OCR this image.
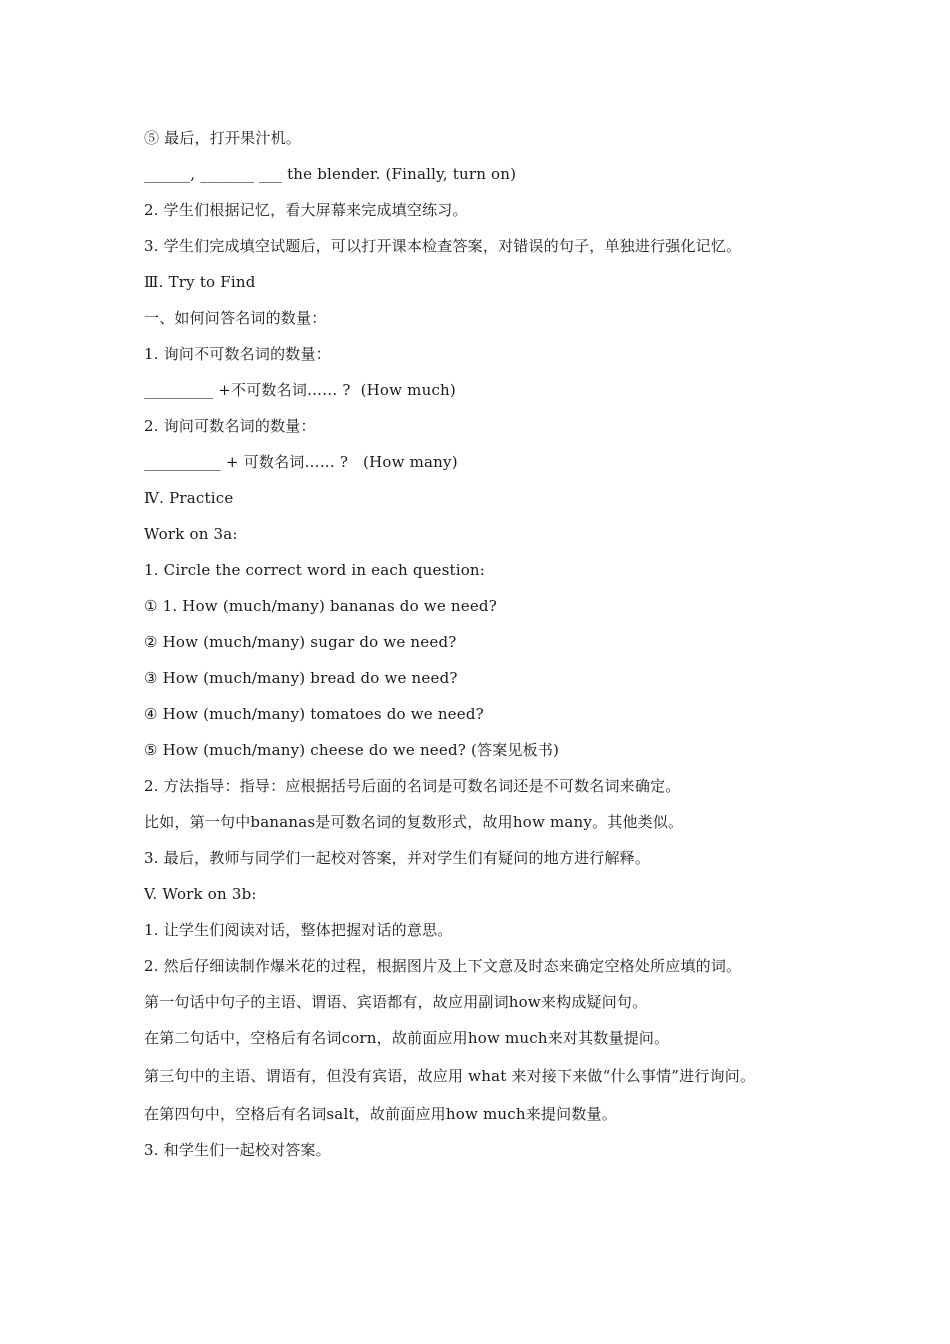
⑤ 最后，打开果汁机。
______, _______ ___ the blender. (Finally, turn on)
2. 学生们根据记忆，看大屏幕来完成填空练习。
3. 学生们完成填空试题后，可以打开课本检查答案，对错误的句子，单独进行强化记忆。
Ⅲ. Try to Find
一、如何问答名词的数量：
1. 询问不可数名词的数量：
_________ +不可数名词…… ?  (How much)
2. 询问可数名词的数量：
__________ + 可数名词…… ?   (How many)
Ⅳ. Practice
Work on 3a:
1. Circle the correct word in each question:
① 1. How (much/many) bananas do we need?
② How (much/many) sugar do we need?
③ How (much/many) bread do we need?
④ How (much/many) tomatoes do we need?
⑤ How (much/many) cheese do we need? (答案见板书)
2. 方法指导：指导：应根据括号后面的名词是可数名词还是不可数名词来确定。
比如，第一句中bananas是可数名词的复数形式，故用how many。其他类似。
3. 最后，教师与同学们一起校对答案，并对学生们有疑问的地方进行解释。
V. Work on 3b:
1. 让学生们阅读对话，整体把握对话的意思。
2. 然后仔细读制作爆米花的过程，根据图片及上下文意及时态来确定空格处所应填的词。
第一句话中句子的主语、谓语、宾语都有，故应用副词how来构成疑问句。
在第二句话中，空格后有名词corn，故前面应用how much来对其数量提问。
第三句中的主语、谓语有，但没有宾语，故应用 what 来对接下来做“什么事情”进行询问。
在第四句中，空格后有名词salt，故前面应用how much来提问数量。
3. 和学生们一起校对答案。
